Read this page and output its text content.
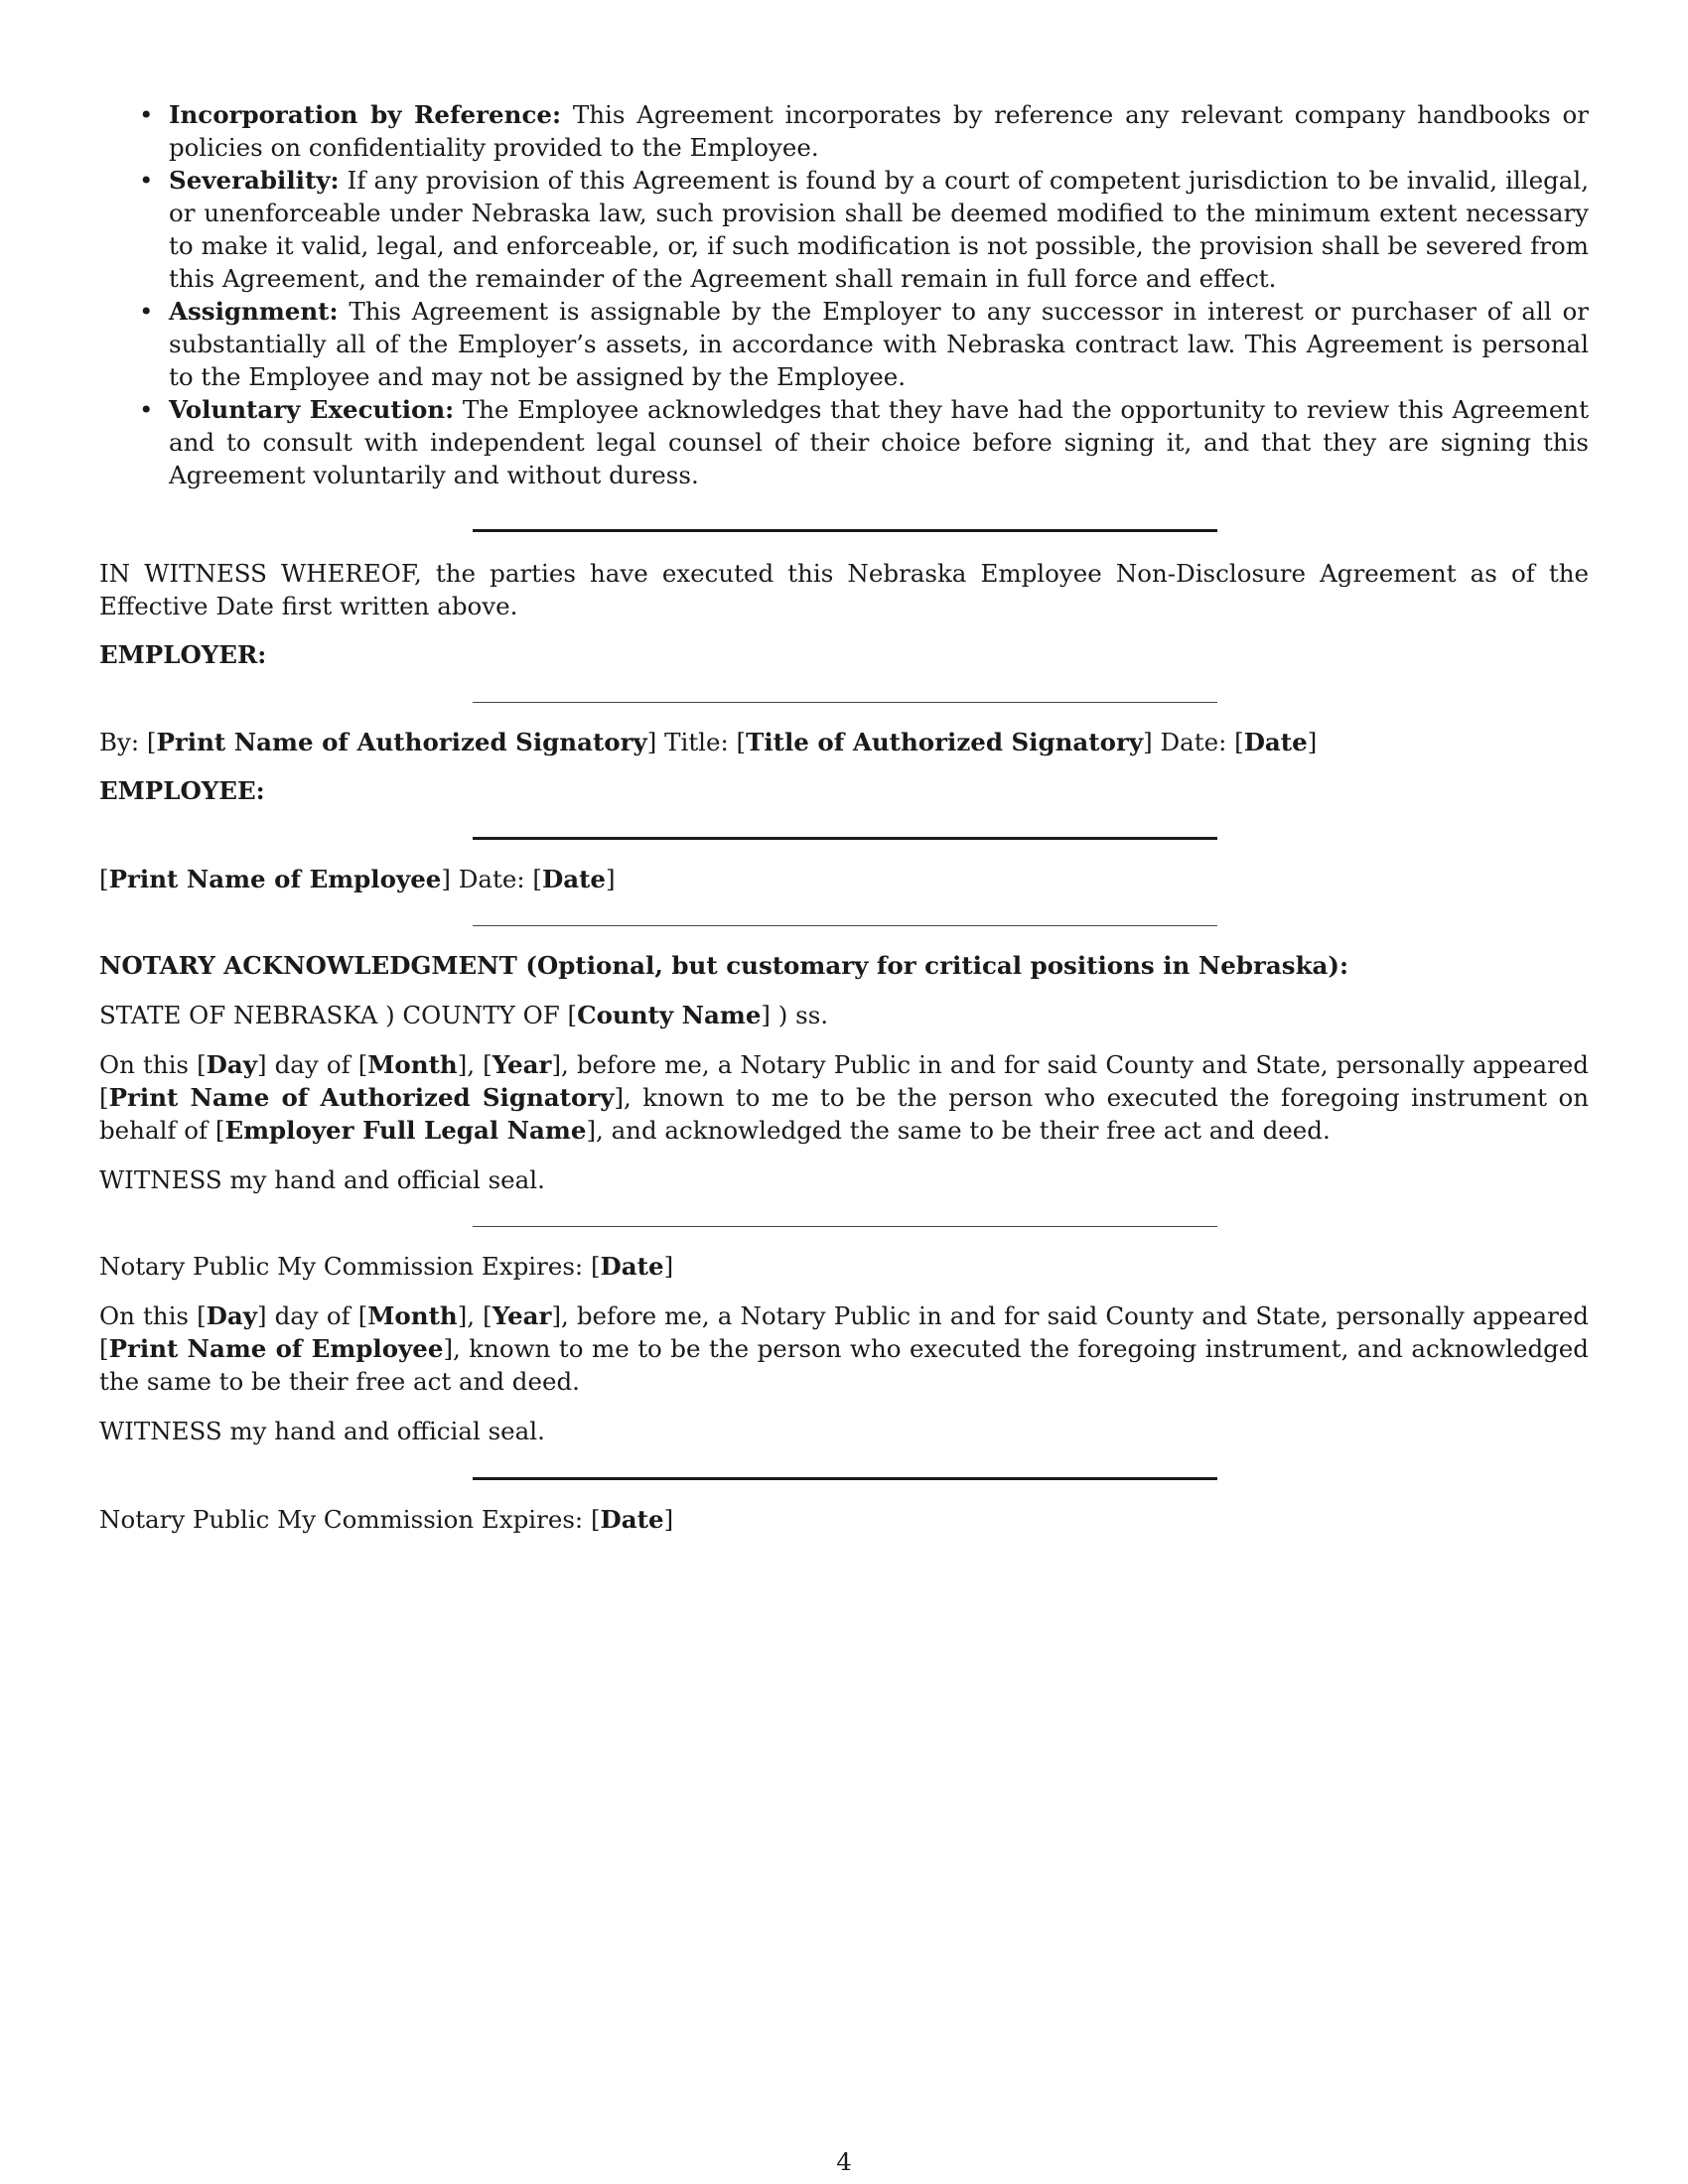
• Incorporation by Reference: This Agreement incorporates by reference any relevant company handbooks or policies on confidentiality provided to the Employee.
• Severability: If any provision of this Agreement is found by a court of competent jurisdiction to be invalid, illegal, or unenforceable under Nebraska law, such provision shall be deemed modified to the minimum extent necessary to make it valid, legal, and enforceable, or, if such modification is not possible, the provision shall be severed from this Agreement, and the remainder of the Agreement shall remain in full force and effect.
• Assignment: This Agreement is assignable by the Employer to any successor in interest or purchaser of all or substantially all of the Employer’s assets, in accordance with Nebraska contract law. This Agreement is personal to the Employee and may not be assigned by the Employee.
• Voluntary Execution: The Employee acknowledges that they have had the opportunity to review this Agreement and to consult with independent legal counsel of their choice before signing it, and that they are signing this Agreement voluntarily and without duress.

IN WITNESS WHEREOF, the parties have executed this Nebraska Employee Non-Disclosure Agreement as of the Effective Date first written above.

EMPLOYER:

By: [Print Name of Authorized Signatory] Title: [Title of Authorized Signatory] Date: [Date]

EMPLOYEE:

[Print Name of Employee] Date: [Date]

NOTARY ACKNOWLEDGMENT (Optional, but customary for critical positions in Nebraska):

STATE OF NEBRASKA ) COUNTY OF [County Name] ) ss.

On this [Day] day of [Month], [Year], before me, a Notary Public in and for said County and State, personally appeared [Print Name of Authorized Signatory], known to me to be the person who executed the foregoing instrument on behalf of [Employer Full Legal Name], and acknowledged the same to be their free act and deed.

WITNESS my hand and official seal.

Notary Public My Commission Expires: [Date]

On this [Day] day of [Month], [Year], before me, a Notary Public in and for said County and State, personally appeared [Print Name of Employee], known to me to be the person who executed the foregoing instrument, and acknowledged the same to be their free act and deed.

WITNESS my hand and official seal.

Notary Public My Commission Expires: [Date]

4
